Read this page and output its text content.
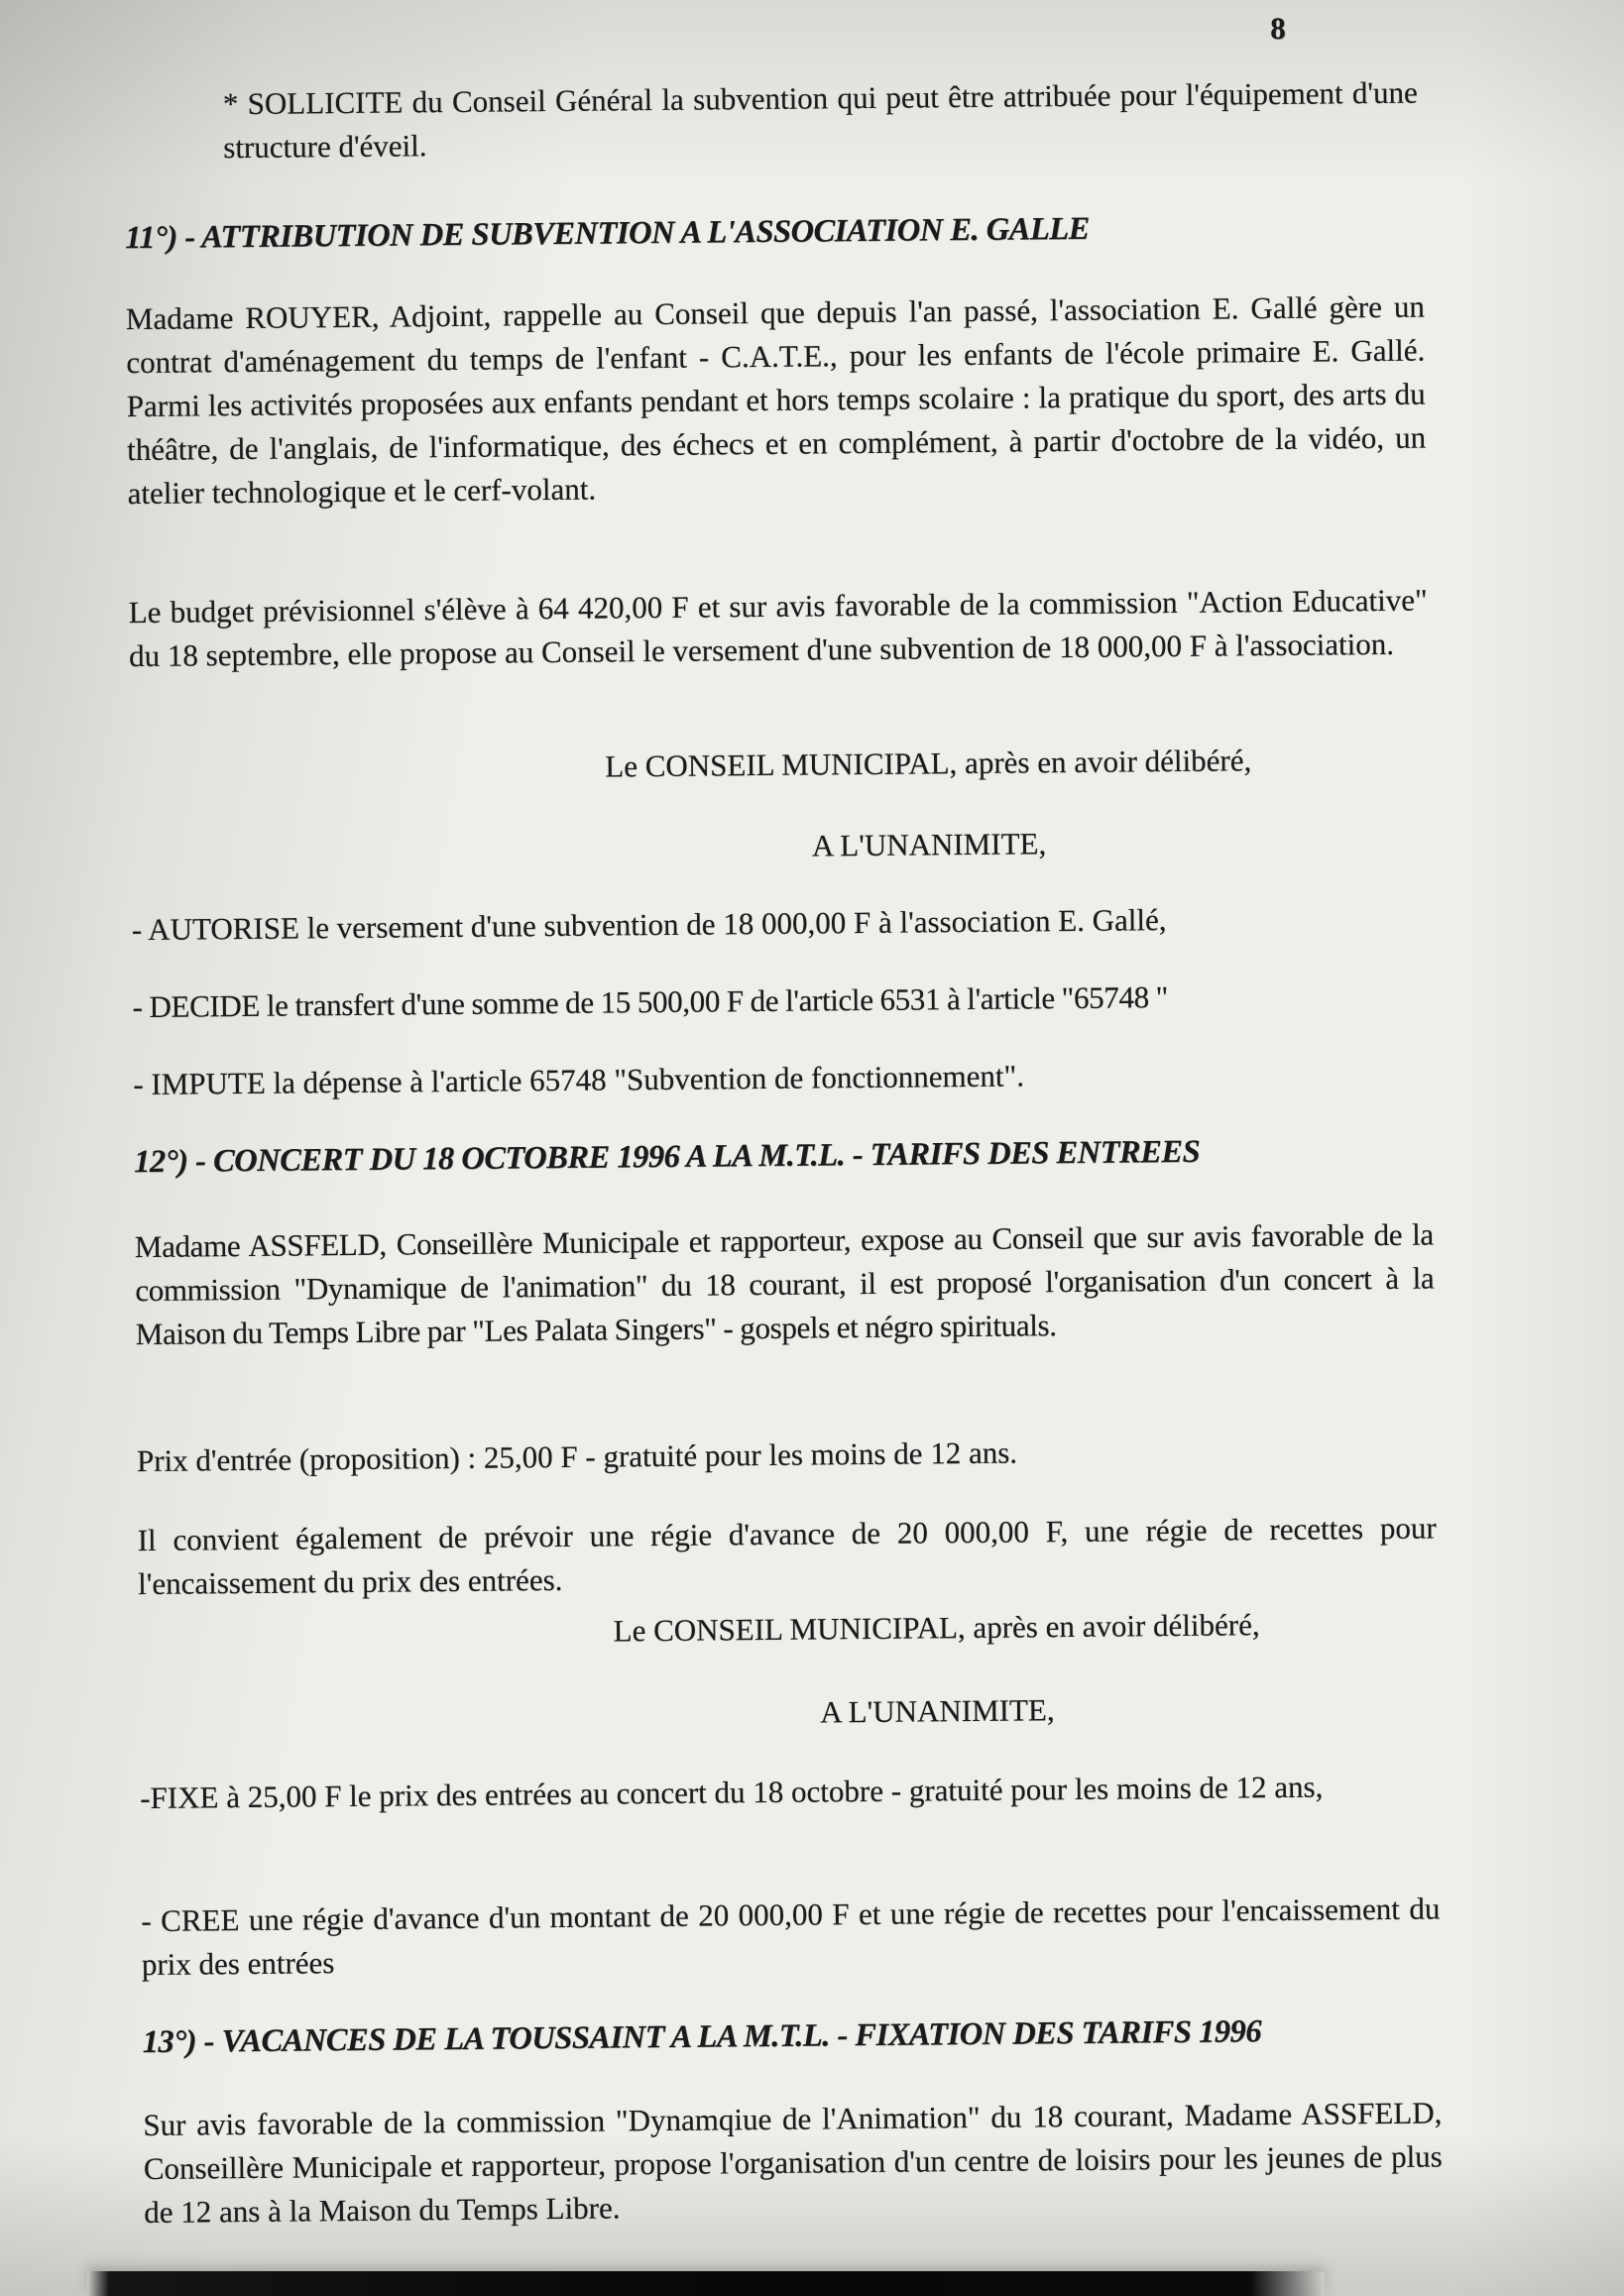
8
* SOLLICITE du Conseil Général la subvention qui peut être attribuée pour l'équipement d'une structure d'éveil.
11°) - ATTRIBUTION DE SUBVENTION A L'ASSOCIATION E. GALLE
Madame ROUYER, Adjoint, rappelle au Conseil que depuis l'an passé, l'association E. Gallé gère un contrat d'aménagement du temps de l'enfant - C.A.T.E., pour les enfants de l'école primaire E. Gallé. Parmi les activités proposées aux enfants pendant et hors temps scolaire : la pratique du sport, des arts du théâtre, de l'anglais, de l'informatique, des échecs et en complément, à partir d'octobre de la vidéo, un atelier technologique et le cerf-volant.
Le budget prévisionnel s'élève à 64 420,00 F et sur avis favorable de la commission "Action Educative" du 18 septembre, elle propose au Conseil le versement d'une subvention de 18 000,00 F à l'association.
Le CONSEIL MUNICIPAL, après en avoir délibéré,
A L'UNANIMITE,
- AUTORISE le versement d'une subvention de 18 000,00 F à l'association E. Gallé,
- DECIDE le transfert d'une somme de 15 500,00 F de l'article 6531 à l'article "65748 "
- IMPUTE la dépense à l'article 65748 "Subvention de fonctionnement".
12°) - CONCERT DU 18 OCTOBRE 1996 A LA M.T.L. - TARIFS DES ENTREES
Madame ASSFELD, Conseillère Municipale et rapporteur, expose au Conseil que sur avis favorable de la commission "Dynamique de l'animation" du 18 courant, il est proposé l'organisation d'un concert à la Maison du Temps Libre par "Les Palata Singers" - gospels et négro spirituals.
Prix d'entrée (proposition) : 25,00 F - gratuité pour les moins de 12 ans.
Il convient également de prévoir une régie d'avance de 20 000,00 F, une régie de recettes pour l'encaissement du prix des entrées.
Le CONSEIL MUNICIPAL, après en avoir délibéré,
A L'UNANIMITE,
-FIXE à 25,00 F le prix des entrées au concert du 18 octobre - gratuité pour les moins de 12 ans,
- CREE une régie d'avance d'un montant de 20 000,00 F et une régie de recettes pour l'encaissement du prix des entrées
13°) - VACANCES DE LA TOUSSAINT A LA M.T.L. - FIXATION DES TARIFS 1996
Sur avis favorable de la commission "Dynamqiue de l'Animation" du 18 courant, Madame ASSFELD, Conseillère Municipale et rapporteur, propose l'organisation d'un centre de loisirs pour les jeunes de plus de 12 ans à la Maison du Temps Libre.
